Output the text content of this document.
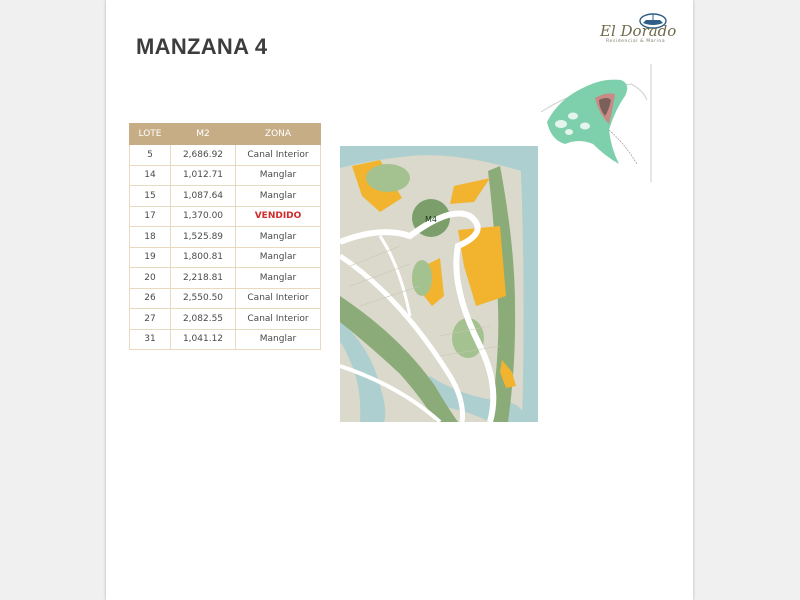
MANZANA 4
El Dorado
Residencial & Marina
LOTE	M2	ZONA
5	2,686.92	Canal Interior
14	1,012.71	Manglar
15	1,087.64	Manglar
17	1,370.00	VENDIDO
18	1,525.89	Manglar
19	1,800.81	Manglar
20	2,218.81	Manglar
26	2,550.50	Canal Interior
27	2,082.55	Canal Interior
31	1,041.12	Manglar
M4
